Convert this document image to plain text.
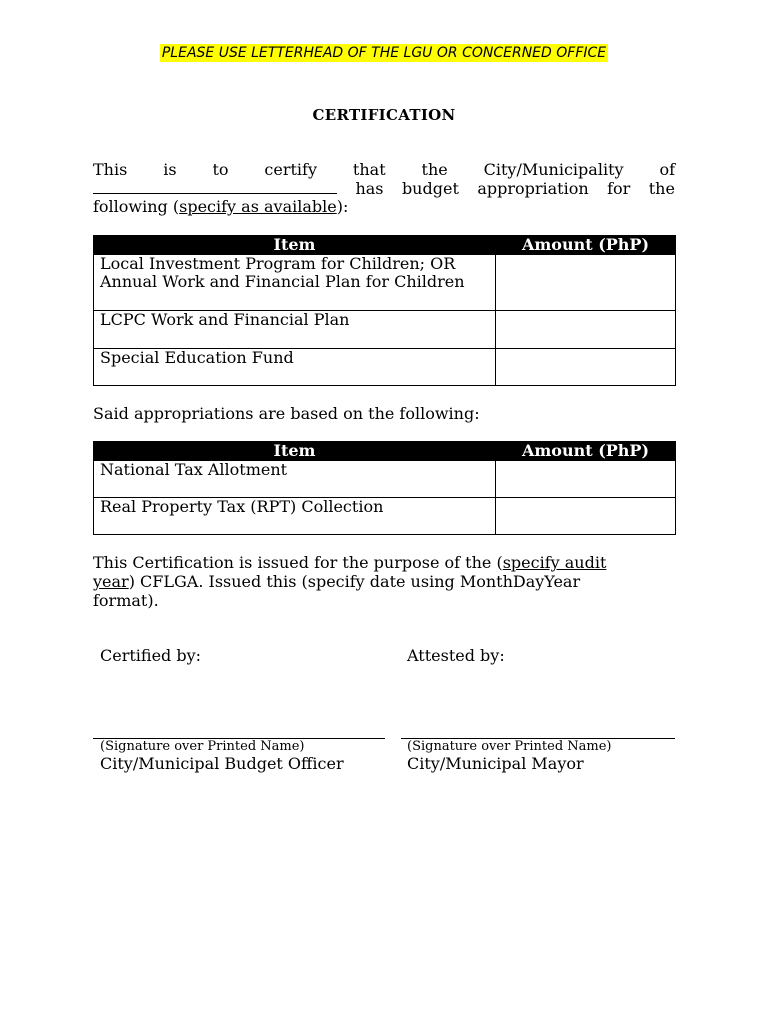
PLEASE USE LETTERHEAD OF THE LGU OR CONCERNED OFFICE
CERTIFICATION
This is to certify that the City/Municipality of
has budget appropriation for the
following (specify as available):
Item	Amount (PhP)

Local Investment Program for Children; OR
Annual Work and Financial Plan for Children	

LCPC Work and Financial Plan	
Special Education Fund	
Said appropriations are based on the following:
Item	Amount (PhP)
National Tax Allotment	
Real Property Tax (RPT) Collection	
This Certification is issued for the purpose of the (specify audit
year) CFLGA. Issued this (specify date using MonthDayYear
format).
Certified by:	Attested by:
(Signature over Printed Name)	(Signature over Printed Name)
City/Municipal Budget Officer	City/Municipal Mayor
